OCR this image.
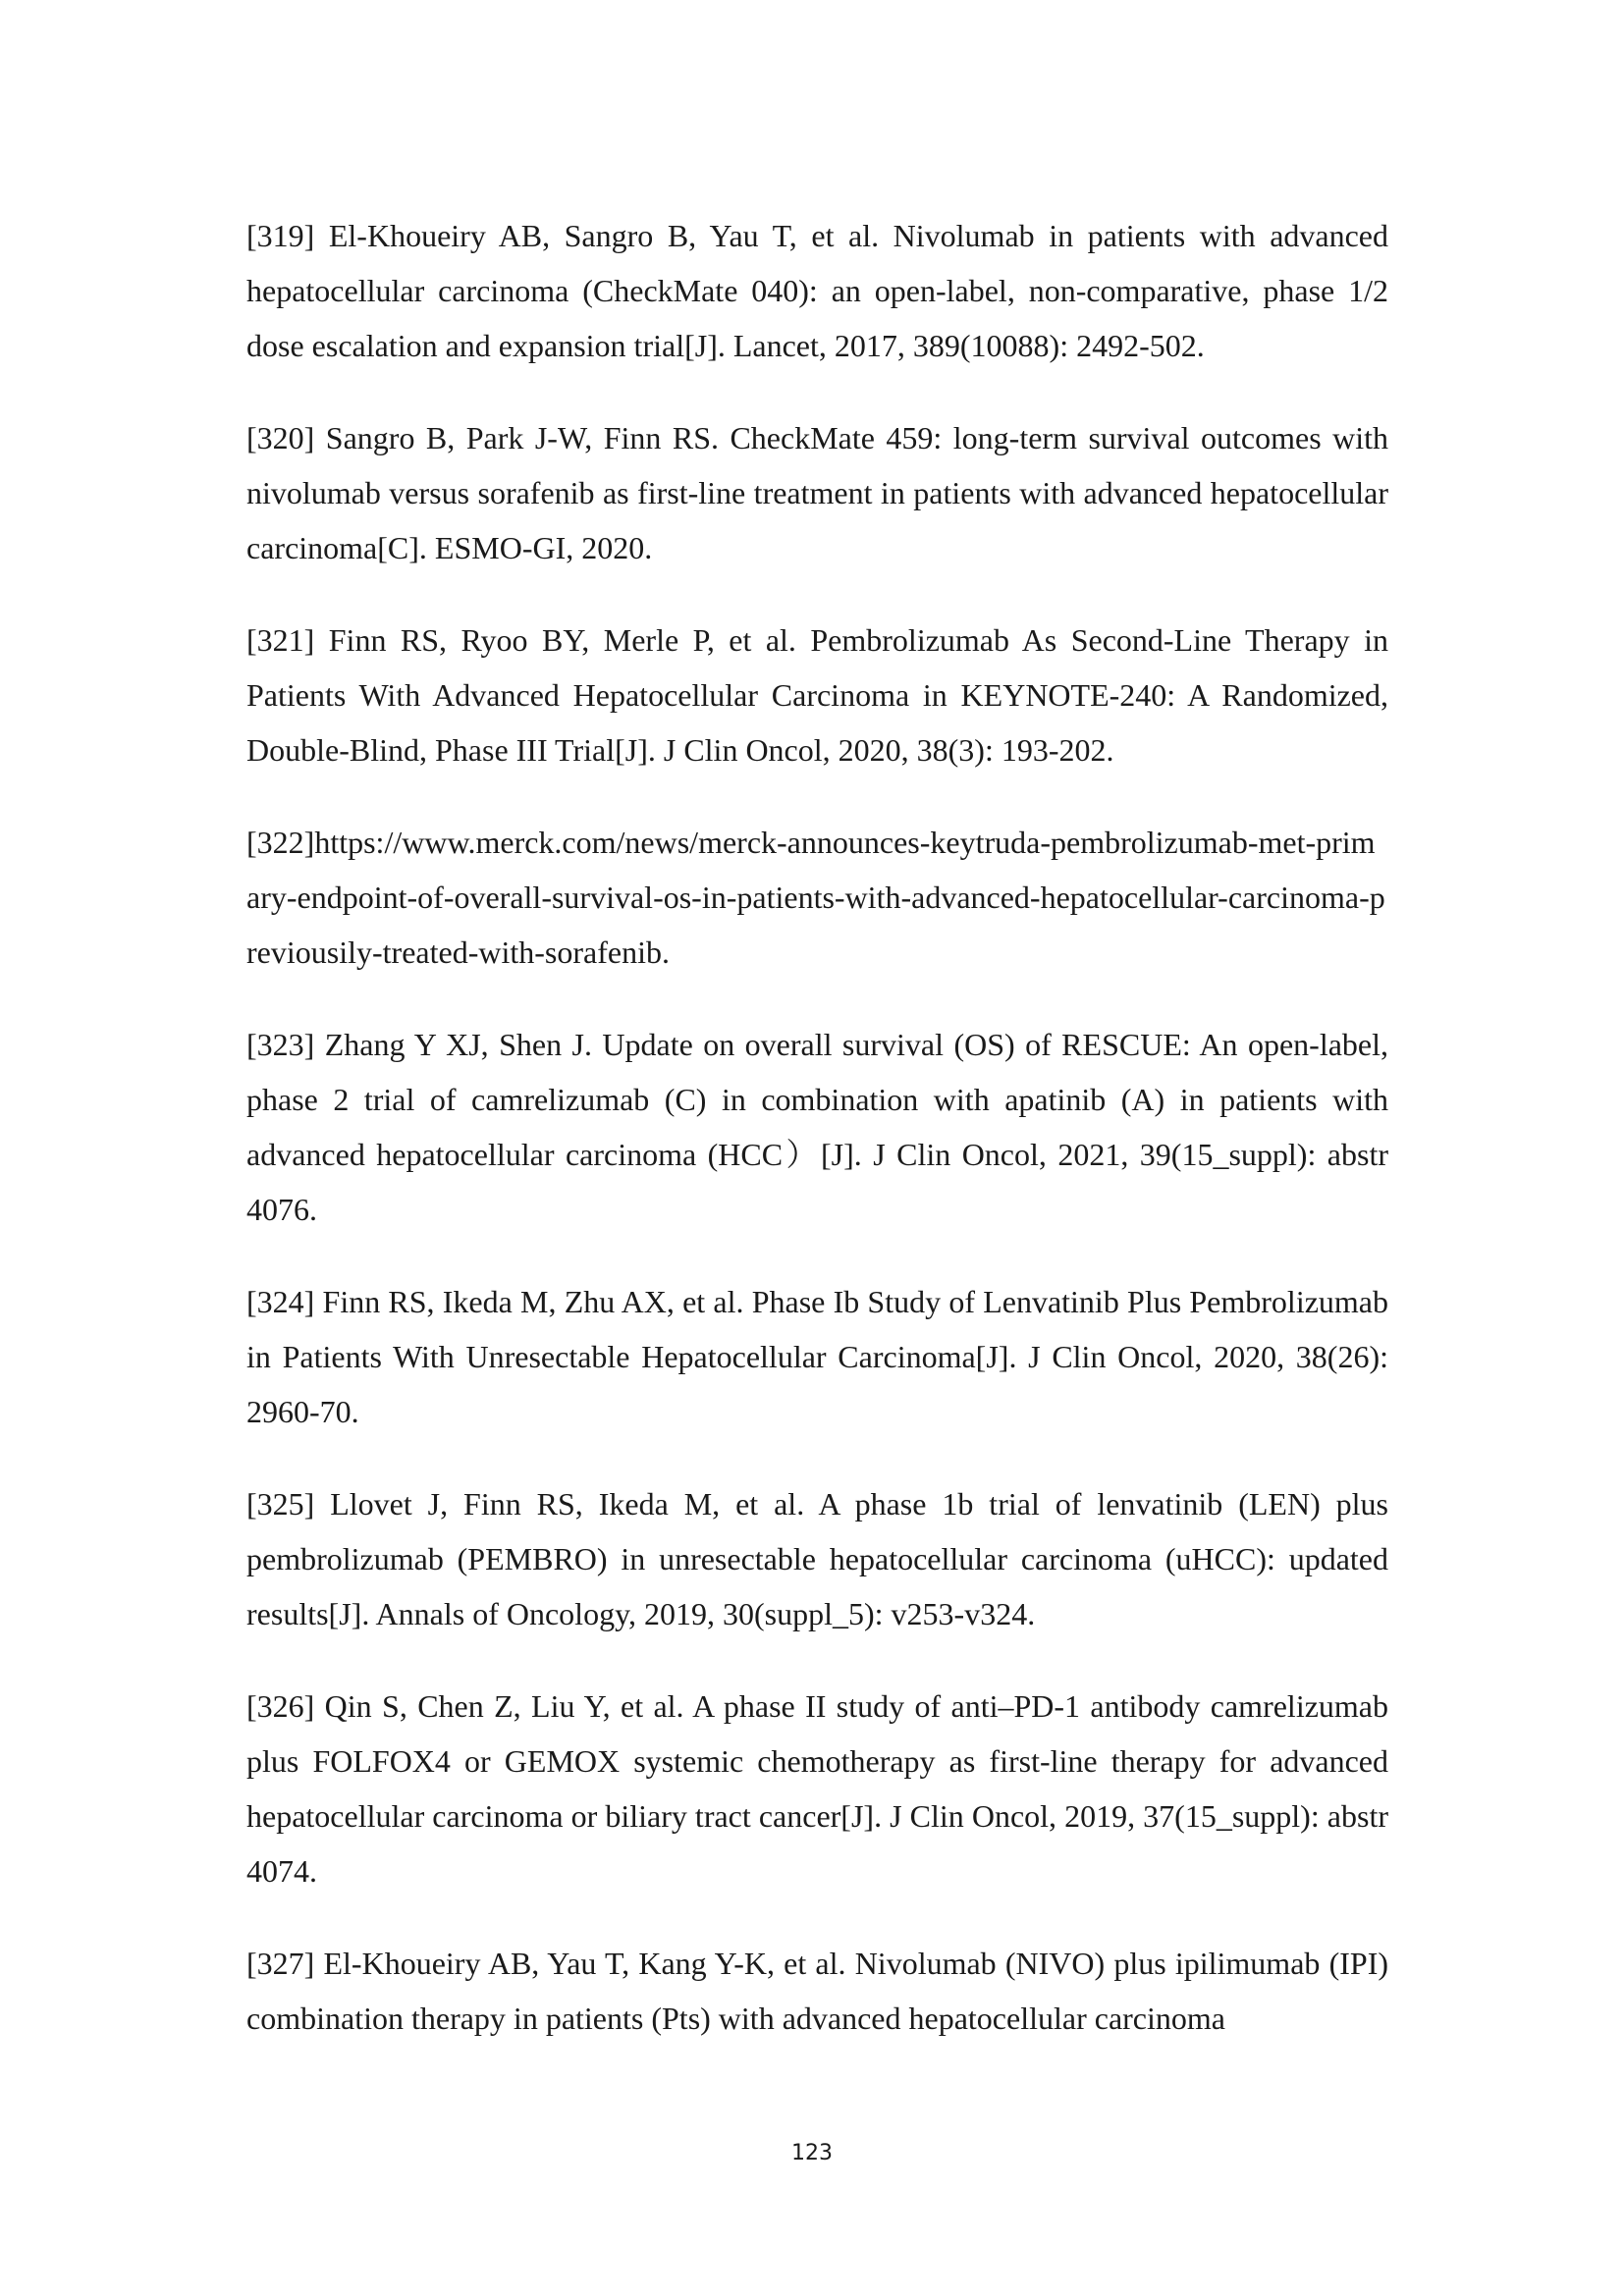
[319] El-Khoueiry AB, Sangro B, Yau T, et al. Nivolumab in patients with advanced hepatocellular carcinoma (CheckMate 040): an open-label, non-comparative, phase 1/2 dose escalation and expansion trial[J]. Lancet, 2017, 389(10088): 2492-502.

[320] Sangro B, Park J-W, Finn RS. CheckMate 459: long-term survival outcomes with nivolumab versus sorafenib as first-line treatment in patients with advanced hepatocellular carcinoma[C]. ESMO-GI, 2020.

[321] Finn RS, Ryoo BY, Merle P, et al. Pembrolizumab As Second-Line Therapy in Patients With Advanced Hepatocellular Carcinoma in KEYNOTE-240: A Randomized, Double-Blind, Phase III Trial[J]. J Clin Oncol, 2020, 38(3): 193-202.

[322]https://www.merck.com/news/merck-announces-keytruda-pembrolizumab-met-primary-endpoint-of-overall-survival-os-in-patients-with-advanced-hepatocellular-carcinoma-previousily-treated-with-sorafenib.

[323] Zhang Y XJ, Shen J. Update on overall survival (OS) of RESCUE: An open-label, phase 2 trial of camrelizumab (C) in combination with apatinib (A) in patients with advanced hepatocellular carcinoma (HCC）[J]. J Clin Oncol, 2021, 39(15_suppl): abstr 4076.

[324] Finn RS, Ikeda M, Zhu AX, et al. Phase Ib Study of Lenvatinib Plus Pembrolizumab in Patients With Unresectable Hepatocellular Carcinoma[J]. J Clin Oncol, 2020, 38(26): 2960-70.

[325] Llovet J, Finn RS, Ikeda M, et al. A phase 1b trial of lenvatinib (LEN) plus pembrolizumab (PEMBRO) in unresectable hepatocellular carcinoma (uHCC): updated results[J]. Annals of Oncology, 2019, 30(suppl_5): v253-v324.

[326] Qin S, Chen Z, Liu Y, et al. A phase II study of anti–PD-1 antibody camrelizumab plus FOLFOX4 or GEMOX systemic chemotherapy as first-line therapy for advanced hepatocellular carcinoma or biliary tract cancer[J]. J Clin Oncol, 2019, 37(15_suppl): abstr 4074.

[327] El-Khoueiry AB, Yau T, Kang Y-K, et al. Nivolumab (NIVO) plus ipilimumab (IPI) combination therapy in patients (Pts) with advanced hepatocellular carcinoma

123
